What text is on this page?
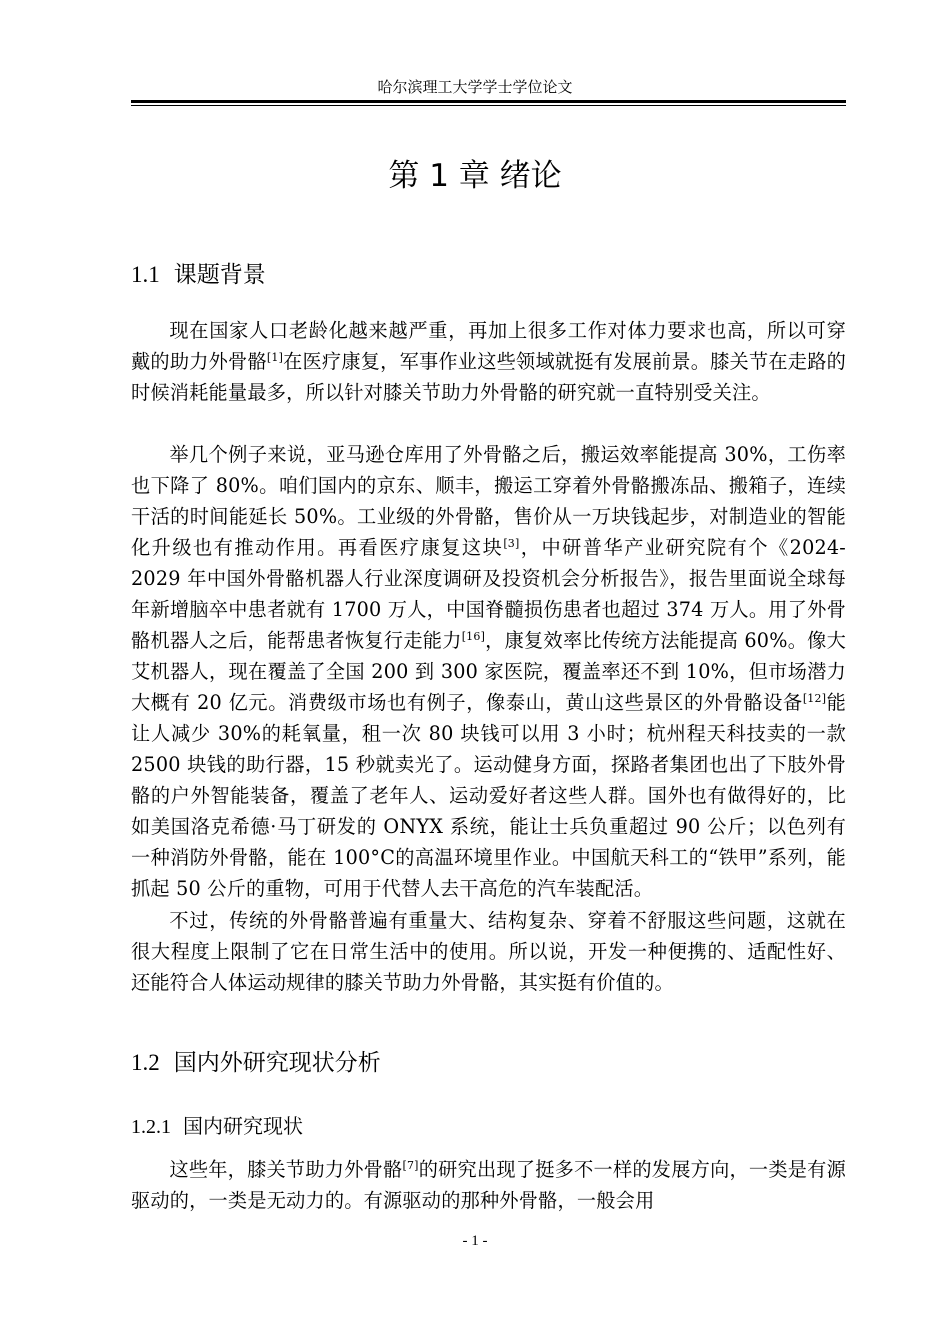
哈尔滨理工大学学士学位论文
第 1 章 绪论
1.1 课题背景

现在国家人口老龄化越来越严重，再加上很多工作对体力要求也高，所以可穿戴的助力外骨骼[1]在医疗康复，军事作业这些领域就挺有发展前景。膝关节在走路的时候消耗能量最多，所以针对膝关节助力外骨骼的研究就一直特别受关注。

举几个例子来说，亚马逊仓库用了外骨骼之后，搬运效率能提高 30%，工伤率也下降了 80%。咱们国内的京东、顺丰，搬运工穿着外骨骼搬冻品、搬箱子，连续干活的时间能延长 50%。工业级的外骨骼，售价从一万块钱起步，对制造业的智能化升级也有推动作用。再看医疗康复这块[3]，中研普华产业研究院有个《2024-2029 年中国外骨骼机器人行业深度调研及投资机会分析报告》，报告里面说全球每年新增脑卒中患者就有 1700 万人，中国脊髓损伤患者也超过 374 万人。用了外骨骼机器人之后，能帮患者恢复行走能力[16]，康复效率比传统方法能提高 60%。像大艾机器人，现在覆盖了全国 200 到 300 家医院，覆盖率还不到 10%，但市场潜力大概有 20 亿元。消费级市场也有例子，像泰山，黄山这些景区的外骨骼设备[12]能让人减少 30%的耗氧量，租一次 80 块钱可以用 3 小时；杭州程天科技卖的一款 2500 块钱的助行器，15 秒就卖光了。运动健身方面，探路者集团也出了下肢外骨骼的户外智能装备，覆盖了老年人、运动爱好者这些人群。国外也有做得好的，比如美国洛克希德·马丁研发的 ONYX 系统，能让士兵负重超过 90 公斤；以色列有一种消防外骨骼，能在 100°C的高温环境里作业。中国航天科工的“铁甲”系列，能抓起 50 公斤的重物，可用于代替人去干高危的汽车装配活。

不过，传统的外骨骼普遍有重量大、结构复杂、穿着不舒服这些问题，这就在很大程度上限制了它在日常生活中的使用。所以说，开发一种便携的、适配性好、还能符合人体运动规律的膝关节助力外骨骼，其实挺有价值的。

1.2 国内外研究现状分析
1.2.1 国内研究现状

这些年，膝关节助力外骨骼[7]的研究出现了挺多不一样的发展方向，一类是有源驱动的，一类是无动力的。有源驱动的那种外骨骼，一般会用

- 1 -
